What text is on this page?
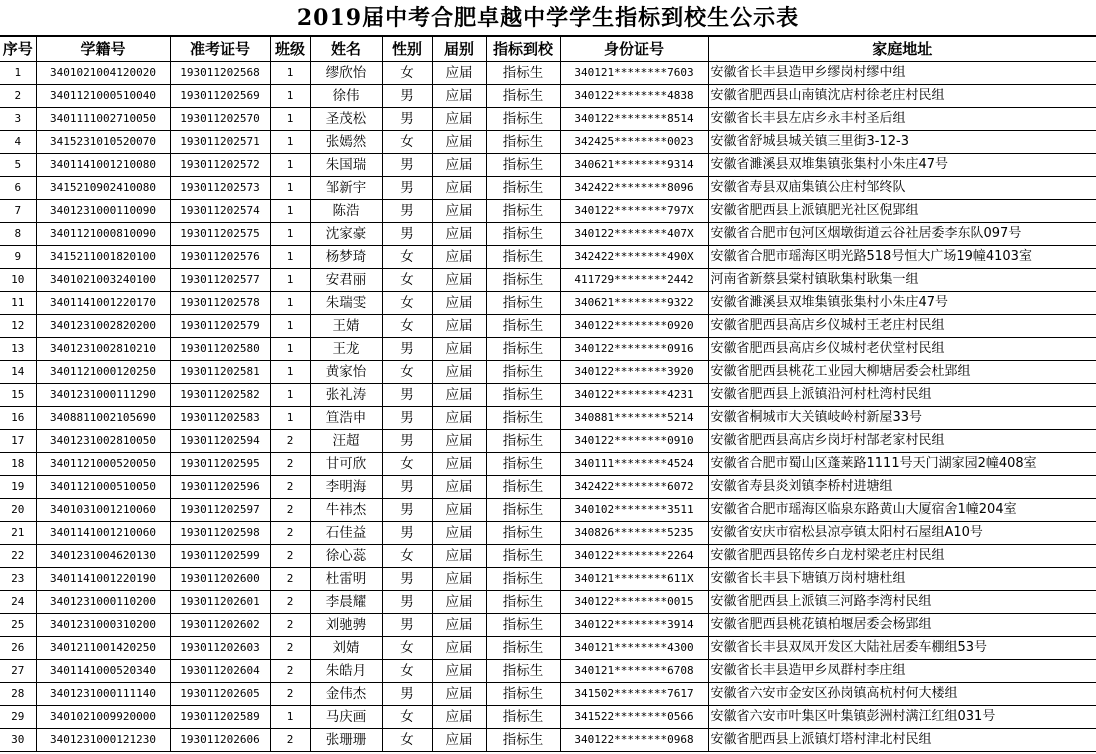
2019届中考合肥卓越中学学生指标到校生公示表
序号	学籍号	准考证号	班级	姓名	性别	届别	指标到校	身份证号	家庭地址
1	3401021004120020	193011202568	1	缪欣怡	女	应届	指标生	340121********7603	安徽省长丰县造甲乡缪岗村缪中组
2	3401121000510040	193011202569	1	徐伟	男	应届	指标生	340122********4838	安徽省肥西县山南镇沈店村徐老庄村民组
3	3401111002710050	193011202570	1	圣茂松	男	应届	指标生	340122********8514	安徽省长丰县左店乡永丰村圣后组
4	3415231010520070	193011202571	1	张嫣然	女	应届	指标生	342425********0023	安徽省舒城县城关镇三里街3-12-3
5	3401141001210080	193011202572	1	朱国瑞	男	应届	指标生	340621********9314	安徽省濉溪县双堆集镇张集村小朱庄47号
6	3415210902410080	193011202573	1	邹新宇	男	应届	指标生	342422********8096	安徽省寿县双庙集镇公庄村邹终队
7	3401231000110090	193011202574	1	陈浩	男	应届	指标生	340122********797X	安徽省肥西县上派镇肥光社区倪郢组
8	3401121000810090	193011202575	1	沈家豪	男	应届	指标生	340122********407X	安徽省合肥市包河区烟墩街道云谷社居委李东队097号
9	3415211001820100	193011202576	1	杨梦琦	女	应届	指标生	342422********490X	安徽省合肥市瑶海区明光路518号恒大广场19幢4103室
10	3401021003240100	193011202577	1	安君丽	女	应届	指标生	411729********2442	河南省新蔡县棠村镇耿集村耿集一组
11	3401141001220170	193011202578	1	朱瑞雯	女	应届	指标生	340621********9322	安徽省濉溪县双堆集镇张集村小朱庄47号
12	3401231002820200	193011202579	1	王婧	女	应届	指标生	340122********0920	安徽省肥西县高店乡仪城村王老庄村民组
13	3401231002810210	193011202580	1	王龙	男	应届	指标生	340122********0916	安徽省肥西县高店乡仪城村老伏堂村民组
14	3401121000120250	193011202581	1	黄家怡	女	应届	指标生	340122********3920	安徽省肥西县桃花工业园大柳塘居委会杜郢组
15	3401231000111290	193011202582	1	张礼涛	男	应届	指标生	340122********4231	安徽省肥西县上派镇沿河村杜湾村民组
16	3408811002105690	193011202583	1	笪浩申	男	应届	指标生	340881********5214	安徽省桐城市大关镇岐岭村新屋33号
17	3401231002810050	193011202594	2	汪超	男	应届	指标生	340122********0910	安徽省肥西县高店乡岗圩村郜老家村民组
18	3401121000520050	193011202595	2	甘可欣	女	应届	指标生	340111********4524	安徽省合肥市蜀山区蓬莱路1111号天门湖家园2幢408室
19	3401121000510050	193011202596	2	李明海	男	应届	指标生	342422********6072	安徽省寿县炎刘镇李桥村进塘组
20	3401031001210060	193011202597	2	牛祎杰	男	应届	指标生	340102********3511	安徽省合肥市瑶海区临泉东路黄山大厦宿舍1幢204室
21	3401141001210060	193011202598	2	石佳益	男	应届	指标生	340826********5235	安徽省安庆市宿松县凉亭镇太阳村石屋组A10号
22	3401231004620130	193011202599	2	徐心蕊	女	应届	指标生	340122********2264	安徽省肥西县铭传乡白龙村梁老庄村民组
23	3401141001220190	193011202600	2	杜雷明	男	应届	指标生	340121********611X	安徽省长丰县下塘镇万岗村塘杜组
24	3401231000110200	193011202601	2	李晨耀	男	应届	指标生	340122********0015	安徽省肥西县上派镇三河路李湾村民组
25	3401231000310200	193011202602	2	刘驰骋	男	应届	指标生	340122********3914	安徽省肥西县桃花镇柏堰居委会杨郢组
26	3401211001420250	193011202603	2	刘婧	女	应届	指标生	340121********4300	安徽省长丰县双凤开发区大陆社居委车棚组53号
27	3401141000520340	193011202604	2	朱皓月	女	应届	指标生	340121********6708	安徽省长丰县造甲乡凤群村李庄组
28	3401231000111140	193011202605	2	金伟杰	男	应届	指标生	341502********7617	安徽省六安市金安区孙岗镇高杭村何大楼组
29	3401021009920000	193011202589	1	马庆画	女	应届	指标生	341522********0566	安徽省六安市叶集区叶集镇彭洲村满江红组031号
30	3401231000121230	193011202606	2	张珊珊	女	应届	指标生	340122********0968	安徽省肥西县上派镇灯塔村津北村民组
